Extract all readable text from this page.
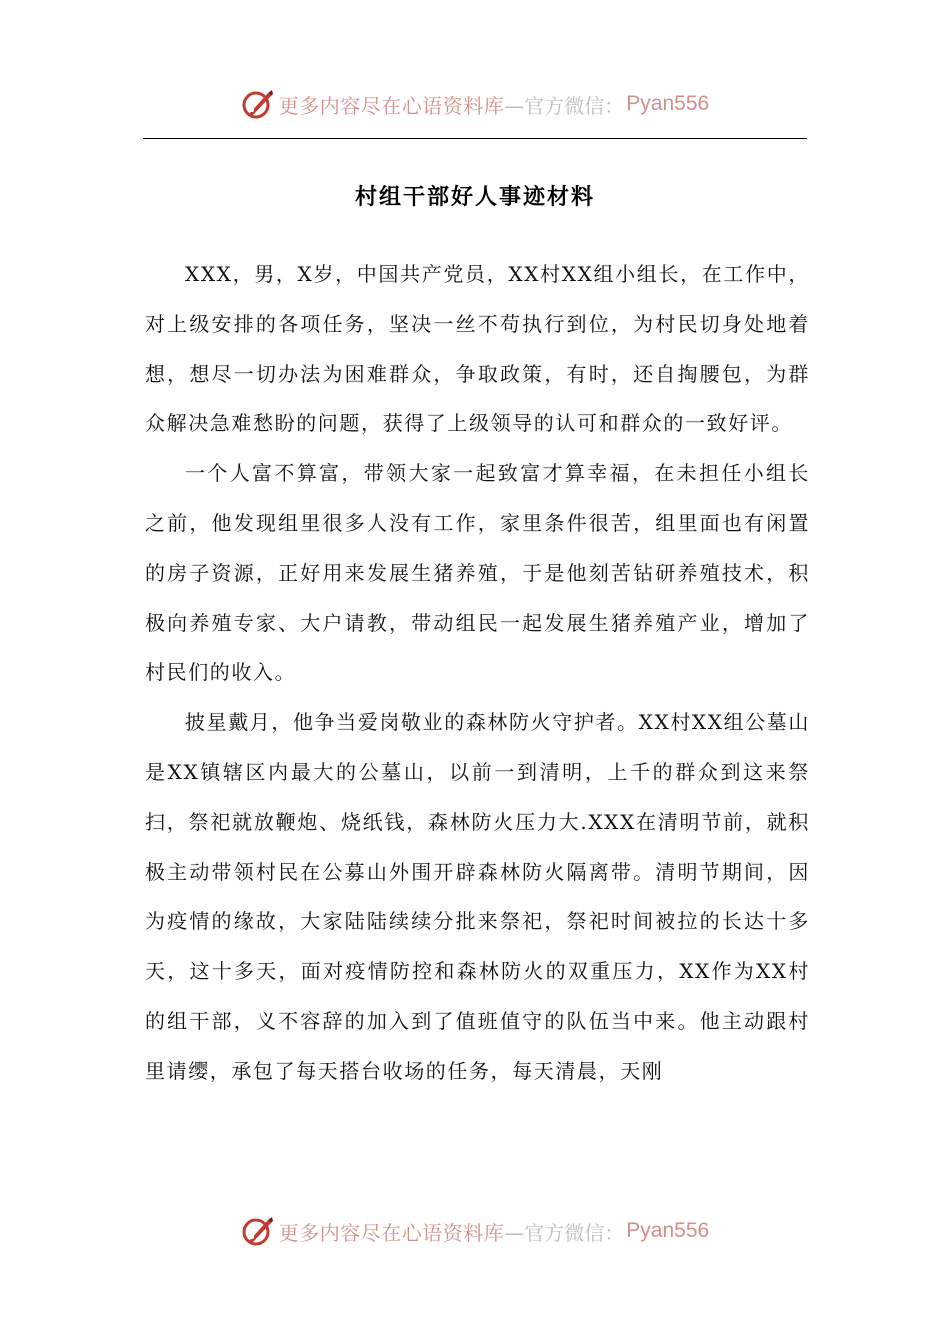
更多内容尽在心语资料库 —官方微信： Pyan556
村组干部好人事迹材料

XXX，男，X岁，中国共产党员，XX村XX组小组长，在工作中，对上级安排的各项任务，坚决一丝不苟执行到位，为村民切身处地着想，想尽一切办法为困难群众，争取政策，有时，还自掏腰包，为群众解决急难愁盼的问题，获得了上级领导的认可和群众的一致好评。

一个人富不算富，带领大家一起致富才算幸福，在未担任小组长之前，他发现组里很多人没有工作，家里条件很苦，组里面也有闲置的房子资源，正好用来发展生猪养殖，于是他刻苦钻研养殖技术，积极向养殖专家、大户请教，带动组民一起发展生猪养殖产业，增加了村民们的收入。

披星戴月，他争当爱岗敬业的森林防火守护者。XX村XX组公墓山是XX镇辖区内最大的公墓山，以前一到清明，上千的群众到这来祭扫，祭祀就放鞭炮、烧纸钱，森林防火压力大.XXX在清明节前，就积极主动带领村民在公募山外围开辟森林防火隔离带。清明节期间，因为疫情的缘故，大家陆陆续续分批来祭祀，祭祀时间被拉的长达十多天，这十多天，面对疫情防控和森林防火的双重压力，XX作为XX村的组干部，义不容辞的加入到了值班值守的队伍当中来。他主动跟村里请缨，承包了每天搭台收场的任务，每天清晨，天刚

更多内容尽在心语资料库 —官方微信： Pyan556
